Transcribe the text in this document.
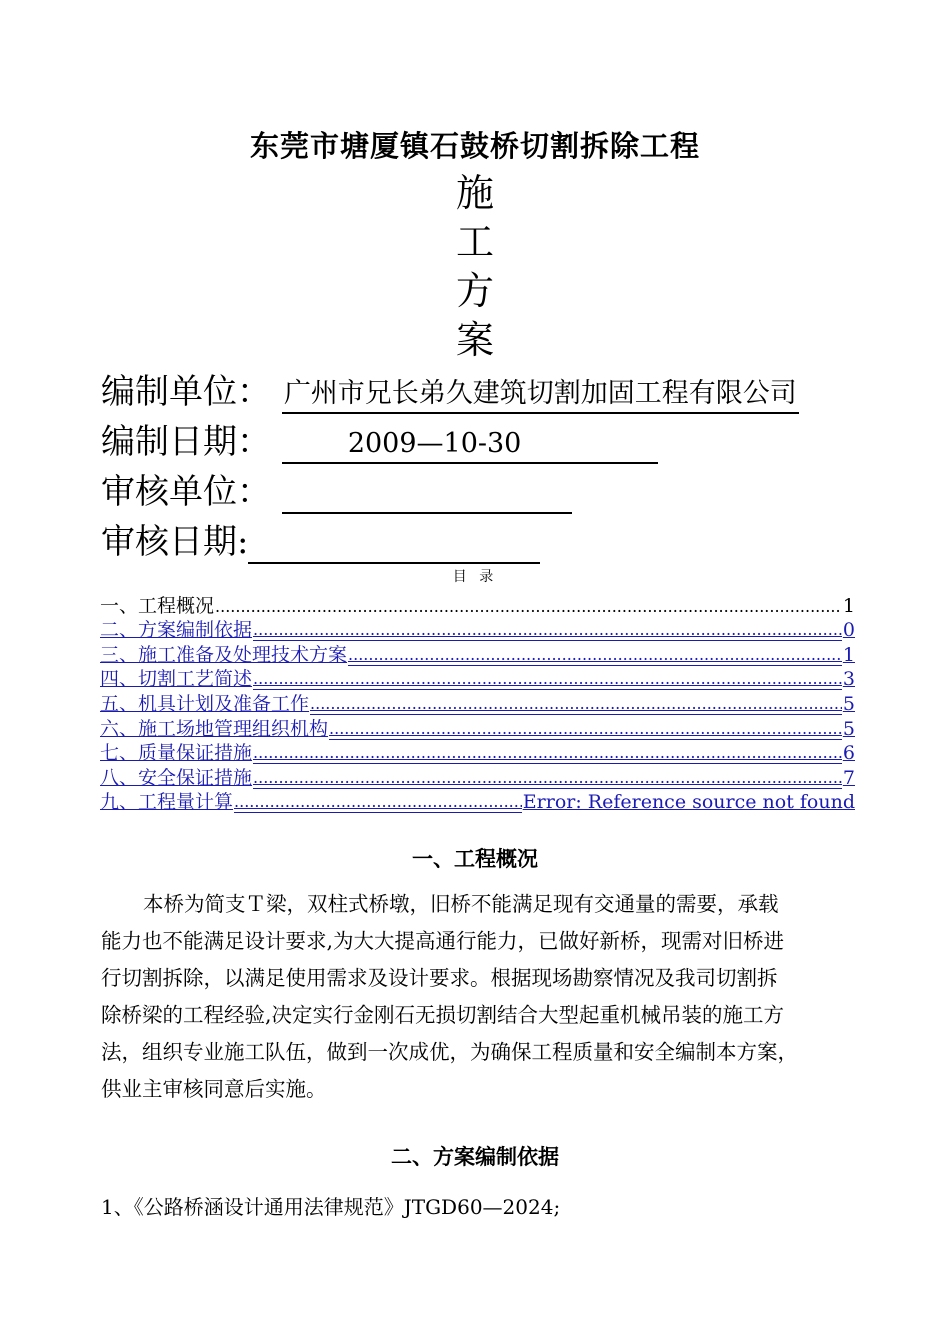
东莞市塘厦镇石鼓桥切割拆除工程
施
工
方
案
编制单位： 广州市兄长弟久建筑切割加固工程有限公司
编制日期：	2009—10-30
审核单位：
审核日期:
目 录
一、工程概况 .....	1
二、方案编制依据 .....	0
三、施工准备及处理技术方案 .....	1
四、切割工艺简述 .....	3
五、机具计划及准备工作 .....	5
六、施工场地管理组织机构 .....	5
七、质量保证措施 .....	6
八、安全保证措施 .....	7
九、工程量计算 .....	Error: Reference source not found
一、工程概况
本桥为简支Ｔ梁，双柱式桥墩，旧桥不能满足现有交通量的需要，承载
能力也不能满足设计要求,为大大提高通行能力，已做好新桥，现需对旧桥进
行切割拆除，以满足使用需求及设计要求。根据现场勘察情况及我司切割拆
除桥梁的工程经验,决定实行金刚石无损切割结合大型起重机械吊装的施工方
法，组织专业施工队伍，做到一次成优，为确保工程质量和安全编制本方案，
供业主审核同意后实施。
二、方案编制依据
1、《公路桥涵设计通用法律规范》JTGD60—2024;
